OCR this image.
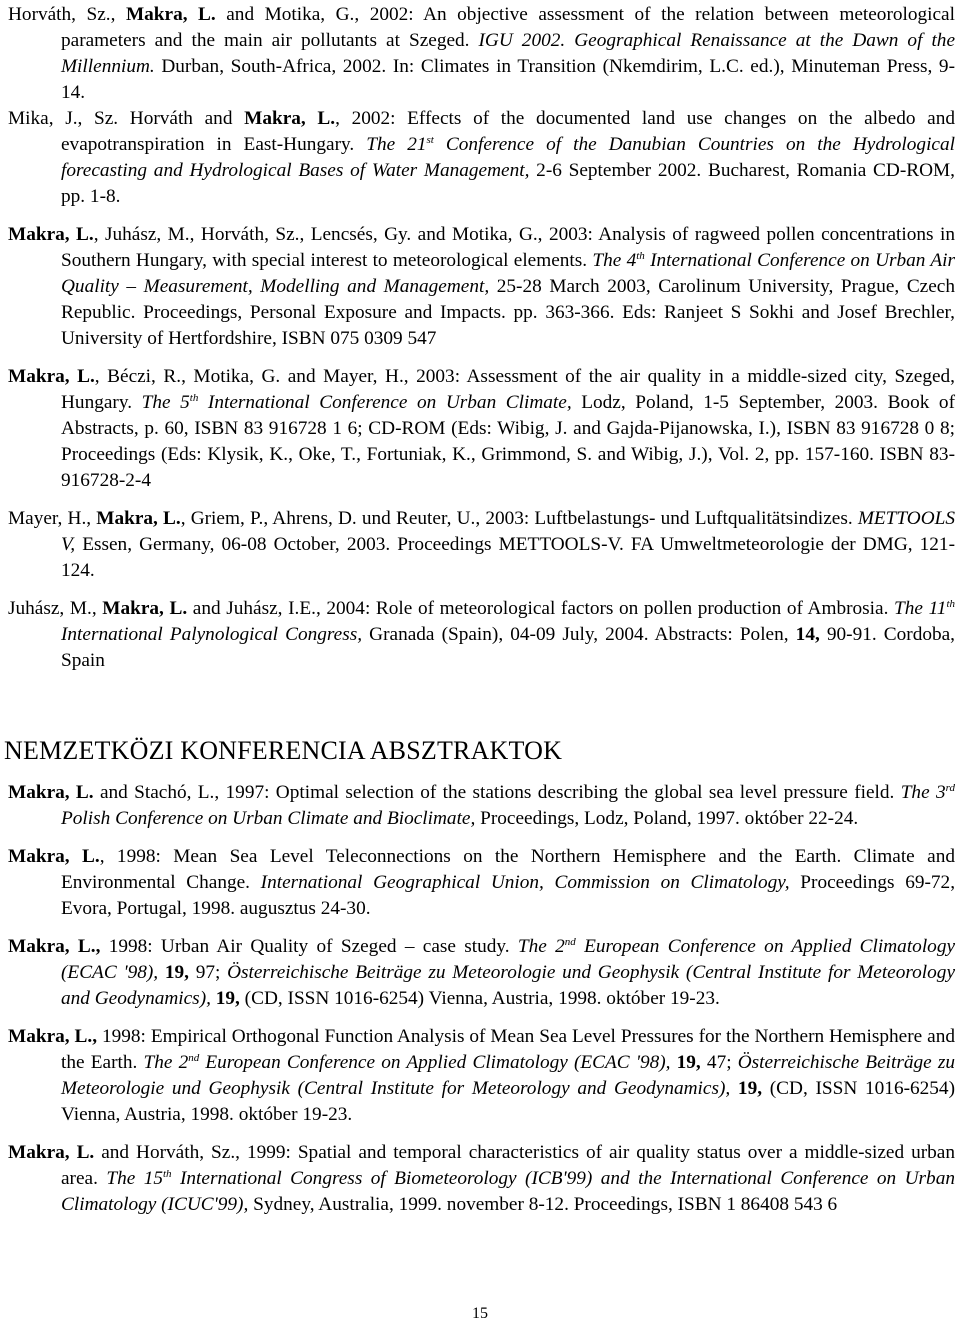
Horváth, Sz., Makra, L. and Motika, G., 2002: An objective assessment of the relation between meteorological parameters and the main air pollutants at Szeged. IGU 2002. Geographical Renaissance at the Dawn of the Millennium. Durban, South-Africa, 2002. In: Climates in Transition (Nkemdirim, L.C. ed.), Minuteman Press, 9-14.

Mika, J., Sz. Horváth and Makra, L., 2002: Effects of the documented land use changes on the albedo and evapotranspiration in East-Hungary. The 21st Conference of the Danubian Countries on the Hydrological forecasting and Hydrological Bases of Water Management, 2-6 September 2002. Bucharest, Romania CD-ROM, pp. 1-8.

Makra, L., Juhász, M., Horváth, Sz., Lencsés, Gy. and Motika, G., 2003: Analysis of ragweed pollen concentrations in Southern Hungary, with special interest to meteorological elements. The 4th International Conference on Urban Air Quality – Measurement, Modelling and Management, 25-28 March 2003, Carolinum University, Prague, Czech Republic. Proceedings, Personal Exposure and Impacts. pp. 363-366. Eds: Ranjeet S Sokhi and Josef Brechler, University of Hertfordshire, ISBN 075 0309 547

Makra, L., Béczi, R., Motika, G. and Mayer, H., 2003: Assessment of the air quality in a middle-sized city, Szeged, Hungary. The 5th International Conference on Urban Climate, Lodz, Poland, 1-5 September, 2003. Book of Abstracts, p. 60, ISBN 83 916728 1 6; CD-ROM (Eds: Wibig, J. and Gajda-Pijanowska, I.), ISBN 83 916728 0 8; Proceedings (Eds: Klysik, K., Oke, T., Fortuniak, K., Grimmond, S. and Wibig, J.), Vol. 2, pp. 157-160. ISBN 83-916728-2-4

Mayer, H., Makra, L., Griem, P., Ahrens, D. und Reuter, U., 2003: Luftbelastungs- und Luftqualitätsindizes. METTOOLS V, Essen, Germany, 06-08 October, 2003. Proceedings METTOOLS-V. FA Umweltmeteorologie der DMG, 121-124.

Juhász, M., Makra, L. and Juhász, I.E., 2004: Role of meteorological factors on pollen production of Ambrosia. The 11th International Palynological Congress, Granada (Spain), 04-09 July, 2004. Abstracts: Polen, 14, 90-91. Cordoba, Spain

NEMZETKÖZI KONFERENCIA ABSZTRAKTOK

Makra, L. and Stachó, L., 1997: Optimal selection of the stations describing the global sea level pressure field. The 3rd Polish Conference on Urban Climate and Bioclimate, Proceedings, Lodz, Poland, 1997. október 22-24.

Makra, L., 1998: Mean Sea Level Teleconnections on the Northern Hemisphere and the Earth. Climate and Environmental Change. International Geographical Union, Commission on Climatology, Proceedings 69-72, Evora, Portugal, 1998. augusztus 24-30.

Makra, L., 1998: Urban Air Quality of Szeged – case study. The 2nd European Conference on Applied Climatology (ECAC '98), 19, 97; Österreichische Beiträge zu Meteorologie und Geophysik (Central Institute for Meteorology and Geodynamics), 19, (CD, ISSN 1016-6254) Vienna, Austria, 1998. október 19-23.

Makra, L., 1998: Empirical Orthogonal Function Analysis of Mean Sea Level Pressures for the Northern Hemisphere and the Earth. The 2nd European Conference on Applied Climatology (ECAC '98), 19, 47; Österreichische Beiträge zu Meteorologie und Geophysik (Central Institute for Meteorology and Geodynamics), 19, (CD, ISSN 1016-6254) Vienna, Austria, 1998. október 19-23.

Makra, L. and Horváth, Sz., 1999: Spatial and temporal characteristics of air quality status over a middle-sized urban area. The 15th International Congress of Biometeorology (ICB'99) and the International Conference on Urban Climatology (ICUC'99), Sydney, Australia, 1999. november 8-12. Proceedings, ISBN 1 86408 543 6

15
